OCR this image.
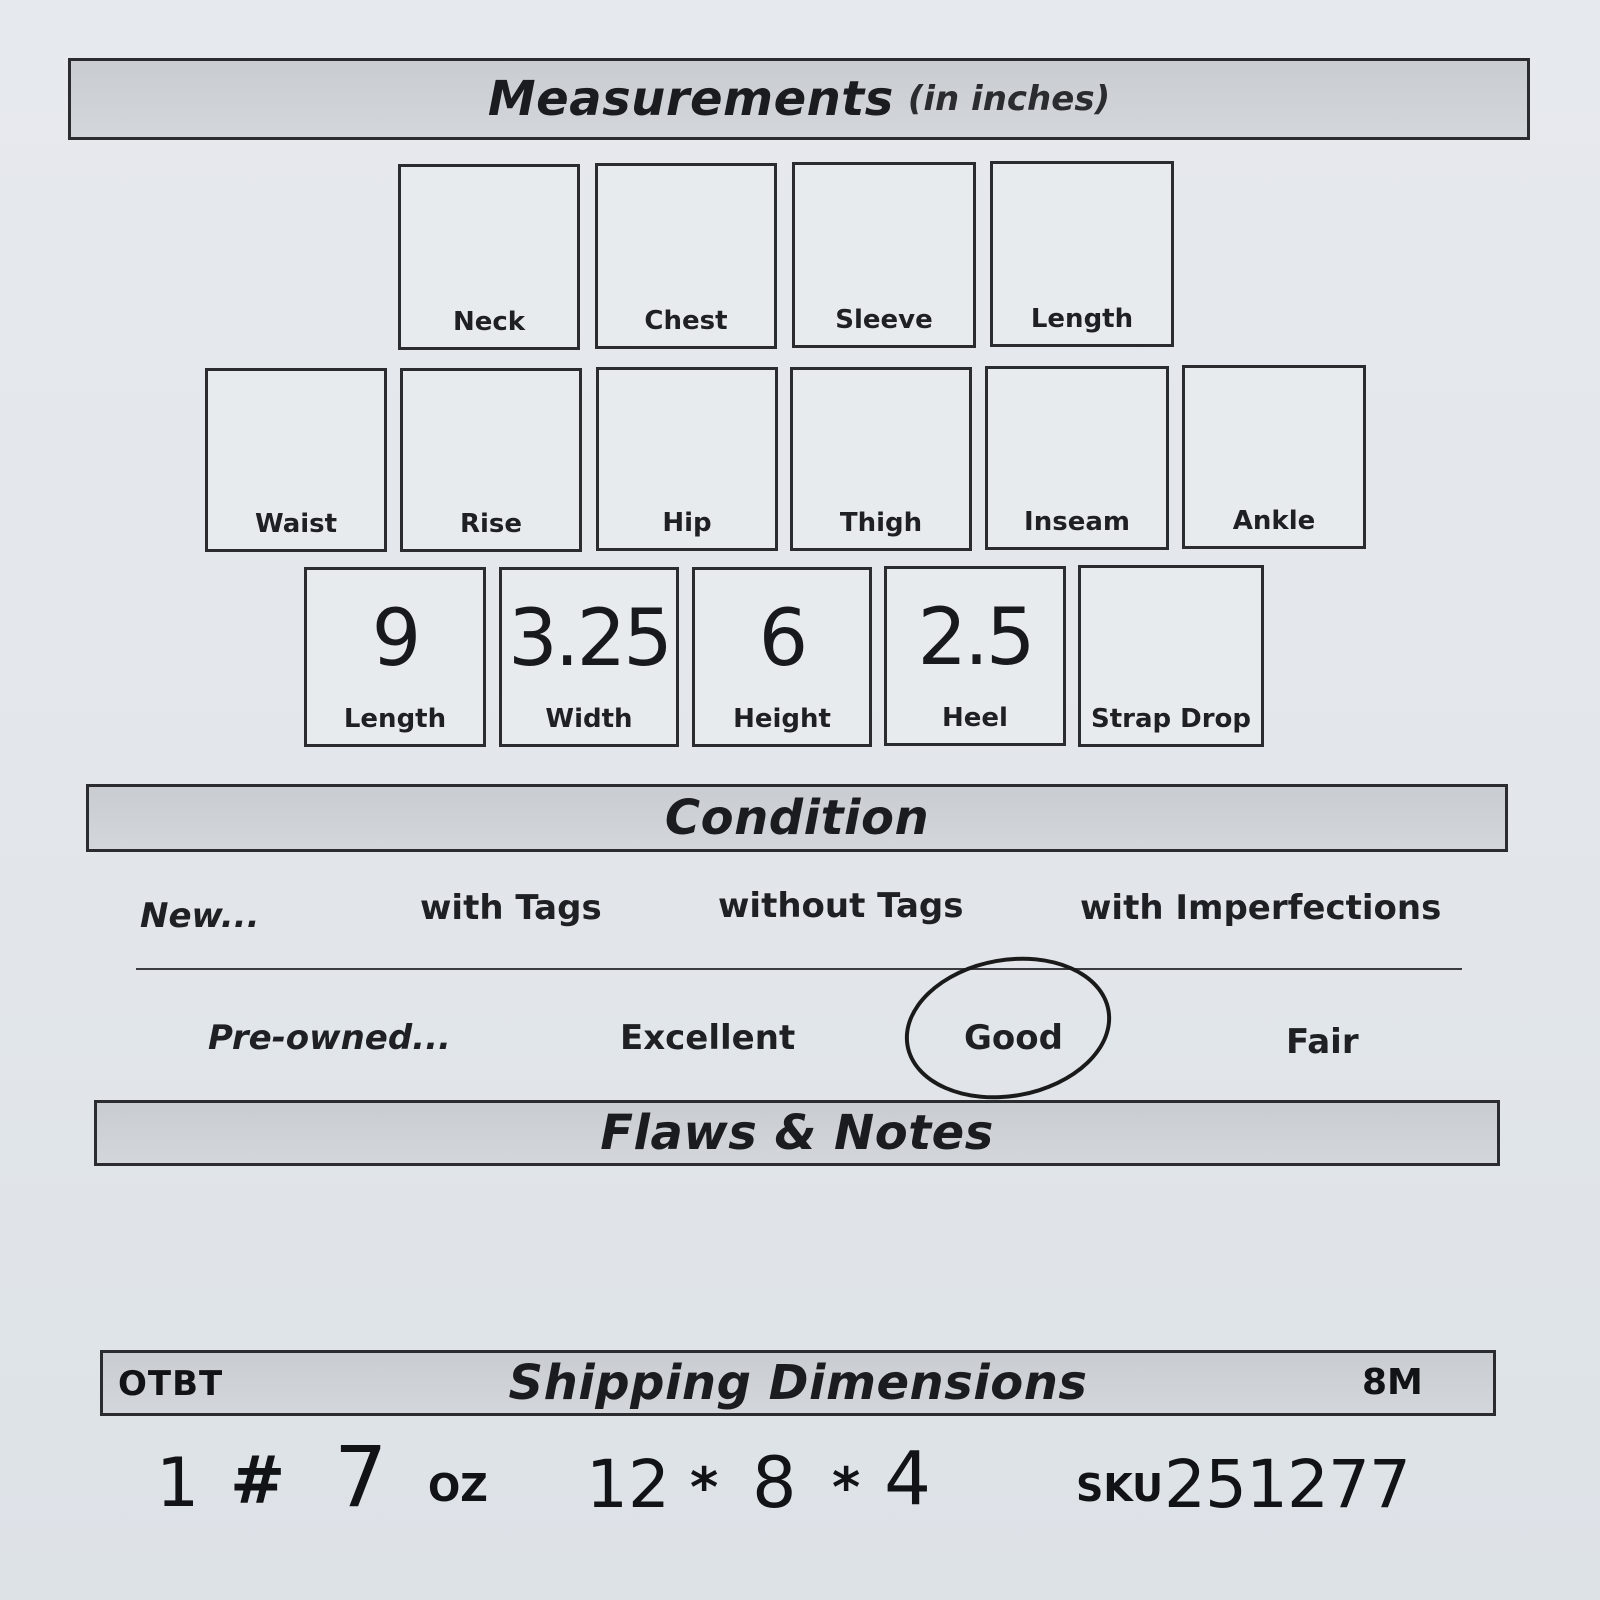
Measurements (in inches)
Neck	Chest	Sleeve	Length
Waist	Rise	Hip	Thigh	Inseam	Ankle
9
Length
3.25
Width
6
Height
2.5
Heel	Strap Drop
Condition
New...	with Tags	without Tags	with Imperfections
Pre-owned...	Excellent	Good	Fair
Flaws & Notes
Shipping Dimensions
OTBT	8M
1 # 7 OZ 12 * 8 * 4	SKU 251277
